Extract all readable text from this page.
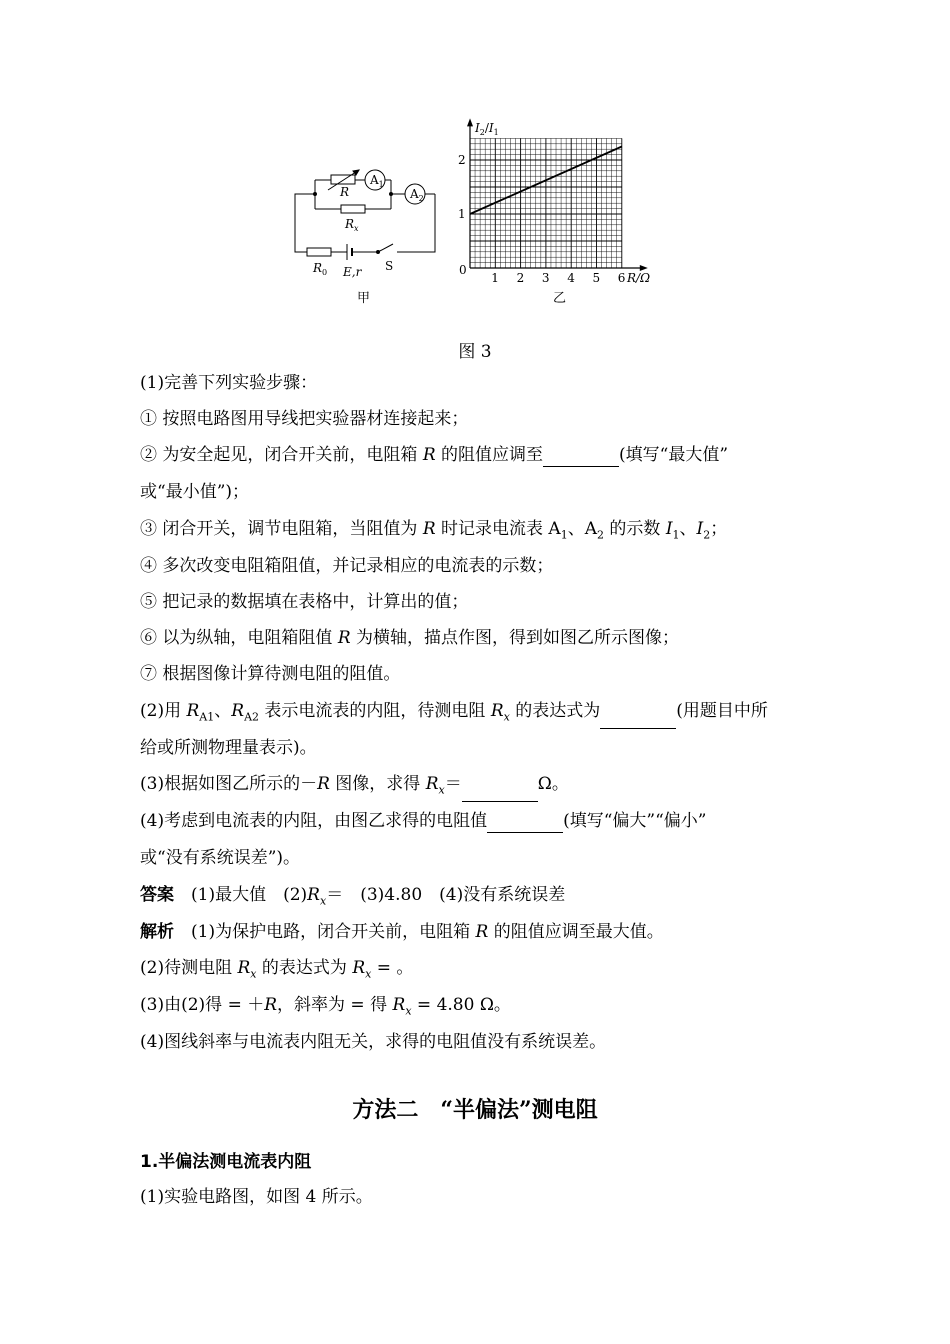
R
$A_1$
$A_2$
$R_x$
$R_0$ E,r S
甲
1 2 3 4 5 6
1
2
$I_2/I_1$
0
R/Ω
乙
图 3
(1)完善下列实验步骤：
① 按照电路图用导线把实验器材连接起来；
② 为安全起见，闭合开关前，电阻箱 R 的阻值应调至	(填写“最大值”
或“最小值”)；
③ 闭合开关，调节电阻箱，当阻值为 R 时记录电流表 $A_1$、$A_2$ 的示数 $I_1$、$I_2$；
④ 多次改变电阻箱阻值，并记录相应的电流表的示数；
⑤ 把记录的数据填在表格中，计算出的值；
⑥ 以为纵轴，电阻箱阻值 R 为横轴，描点作图，得到如图乙所示图像；
⑦ 根据图像计算待测电阻的阻值。
(2)用 $R_{A1}$、$R_{A2}$ 表示电流表的内阻，待测电阻 $R_x$ 的表达式为	(用题目中所
给或所测物理量表示)。
(3)根据如图乙所示的－R 图像，求得 $R_x=$	Ω。
(4)考虑到电流表的内阻，由图乙求得的电阻值	(填写“偏大”“偏小”
或“没有系统误差”)。
答案　 (1)最大值　$(2)R_x=$　(3)4.80　(4)没有系统误差
解析　 (1)为保护电路，闭合开关前，电阻箱 R 的阻值应调至最大值。
(2)待测电阻 $R_x$ 的表达式为 $R_x$ = 。
(3)由(2)得 = ＋R，斜率为 = 得 $R_x = 4.80$ Ω。
(4)图线斜率与电流表内阻无关，求得的电阻值没有系统误差。
方法二　“半偏法”测电阻
1.半偏法测电流表内阻
(1)实验电路图，如图 4 所示。
